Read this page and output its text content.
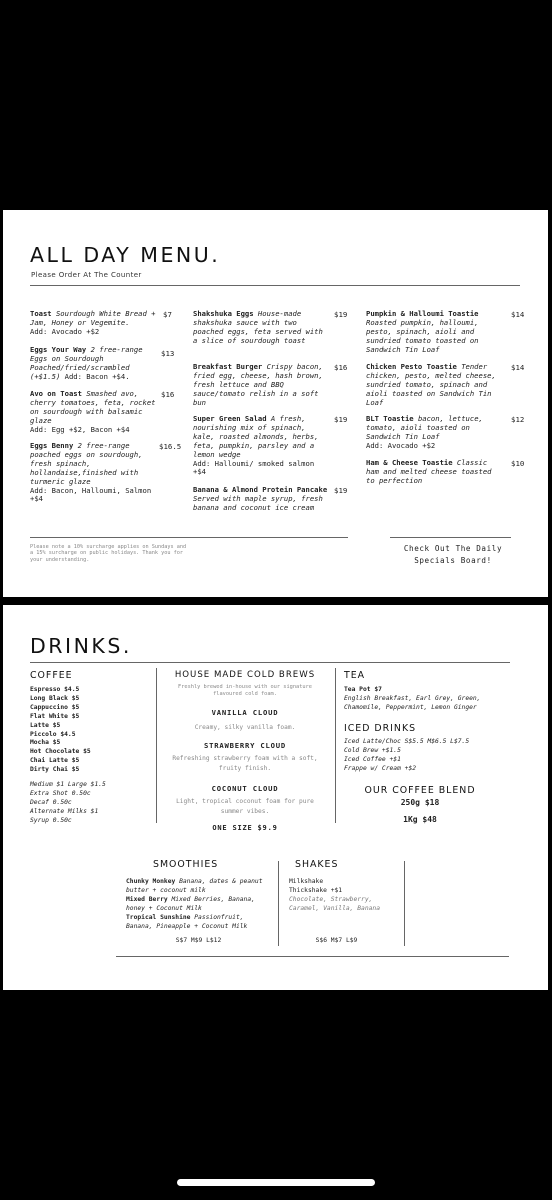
ALL DAY MENU.
Please Order At The Counter
Toast Sourdough White Bread + Jam, Honey or Vegemite.
Add: Avocado +$2
$7
Eggs Your Way 2 free-range Eggs on Sourdough Poached/fried/scrambled (+$1.5) Add: Bacon +$4.
$13
Avo on Toast Smashed avo, cherry tomatoes, feta, rocket on sourdough with balsamic glaze
Add: Egg +$2, Bacon +$4
$16
Eggs Benny 2 free-range poached eggs on sourdough, fresh spinach, hollandaise,finished with turmeric glaze
Add: Bacon, Halloumi, Salmon +$4
$16.5
Shakshuka Eggs House-made shakshuka sauce with two poached eggs, feta served with a slice of sourdough toast
$19
Breakfast Burger Crispy bacon, fried egg, cheese, hash brown, fresh lettuce and BBQ sauce/tomato relish in a soft bun
$16
Super Green Salad A fresh, nourishing mix of spinach, kale, roasted almonds, herbs, feta, pumpkin, parsley and a lemon wedge
Add: Halloumi/ smoked salmon +$4
$19
Banana & Almond Protein Pancake Served with maple syrup, fresh banana and coconut ice cream
$19
Pumpkin & Halloumi Toastie Roasted pumpkin, halloumi, pesto, spinach, aioli and sundried tomato toasted on Sandwich Tin Loaf
$14
Chicken Pesto Toastie Tender chicken, pesto, melted cheese, sundried tomato, spinach and aioli toasted on Sandwich Tin Loaf
$14
BLT Toastie bacon, lettuce, tomato, aioli toasted on Sandwich Tin Loaf
Add: Avocado +$2
$12
Ham & Cheese Toastie Classic ham and melted cheese toasted to perfection
$10
Please note a 10% surcharge applies on Sundays and a 15% surcharge on public holidays. Thank you for your understanding.
Check Out The Daily
Specials Board!
DRINKS.
COFFEE
Espresso $4.5
Long Black $5
Cappuccino $5
Flat White $5
Latte $5
Piccolo $4.5
Mocha $5
Hot Chocolate $5
Chai Latte $5
Dirty Chai $5
Medium $1 Large $1.5
Extra Shot 0.50c
Decaf 0.50c
Alternate Milks $1
Syrup 0.50c
HOUSE MADE COLD BREWS
Freshly brewed in-house with our signature flavoured cold foam.
VANILLA CLOUD
Creamy, silky vanilla foam.
STRAWBERRY CLOUD
Refreshing strawberry foam with a soft, fruity finish.
COCONUT CLOUD
Light, tropical coconut foam for pure summer vibes.
ONE SIZE $9.9
TEA
Tea Pot $7
English Breakfast, Earl Grey, Green, Chamomile, Peppermint, Lemon Ginger
ICED DRINKS
Iced Latte/Choc S$5.5 M$6.5 L$7.5
Cold Brew +$1.5
Iced Coffee +$1
Frappe w/ Cream +$2
OUR COFFEE BLEND
250g $18
1Kg $48
SMOOTHIES
Chunky Monkey Banana, dates & peanut butter + coconut milk
Mixed Berry Mixed Berries, Banana, honey + Coconut Milk
Tropical Sunshine Passionfruit, Banana, Pineapple + Coconut Milk
S$7 M$9 L$12
SHAKES
Milkshake
Thickshake +$1
Chocolate, Strawberry, Caramel, Vanilla, Banana
S$6 M$7 L$9
